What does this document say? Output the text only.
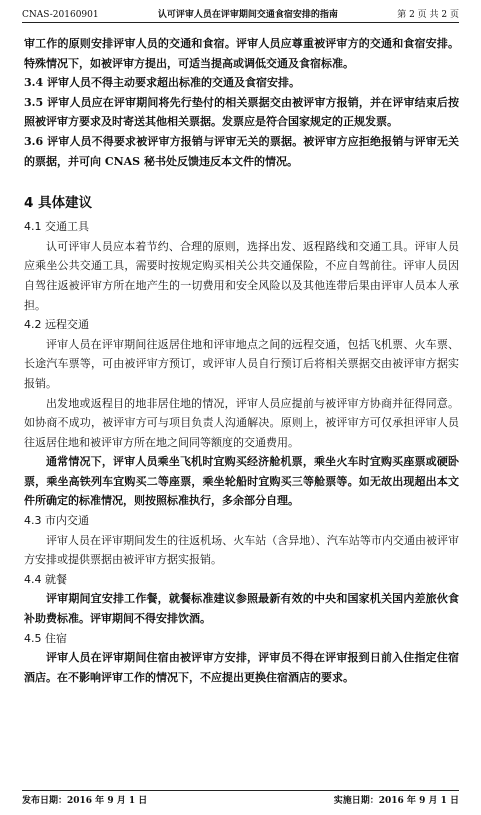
CNAS-20160901	认可评审人员在评审期间交通食宿安排的指南	第 2 页 共 2 页

审工作的原则安排评审人员的交通和食宿。评审人员应尊重被评审方的交通和食宿安排。特殊情况下，如被评审方提出，可适当提高或调低交通及食宿标准。

3.4 评审人员不得主动要求超出标准的交通及食宿安排。

3.5 评审人员应在评审期间将先行垫付的相关票据交由被评审方报销，并在评审结束后按照被评审方要求及时寄送其他相关票据。发票应是符合国家规定的正规发票。

3.6 评审人员不得要求被评审方报销与评审无关的票据。被评审方应拒绝报销与评审无关的票据，并可向 CNAS 秘书处反馈违反本文件的情况。

4 具体建议

4.1 交通工具

认可评审人员应本着节约、合理的原则，选择出发、返程路线和交通工具。评审人员应乘坐公共交通工具，需要时按规定购买相关公共交通保险，不应自驾前往。评审人员因自驾往返被评审方所在地产生的一切费用和安全风险以及其他连带后果由评审人员本人承担。

4.2 远程交通

评审人员在评审期间往返居住地和评审地点之间的远程交通，包括飞机票、火车票、长途汽车票等，可由被评审方预订，或评审人员自行预订后将相关票据交由被评审方据实报销。

出发地或返程目的地非居住地的情况，评审人员应提前与被评审方协商并征得同意。如协商不成功，被评审方可与项目负责人沟通解决。原则上，被评审方可仅承担评审人员往返居住地和被评审方所在地之间同等额度的交通费用。

通常情况下，评审人员乘坐飞机时宜购买经济舱机票，乘坐火车时宜购买座票或硬卧票，乘坐高铁列车宜购买二等座票，乘坐轮船时宜购买三等舱票等。如无故出现超出本文件所确定的标准情况，则按照标准执行，多余部分自理。

4.3 市内交通

评审人员在评审期间发生的往返机场、火车站（含异地）、汽车站等市内交通由被评审方安排或提供票据由被评审方据实报销。

4.4 就餐

评审期间宜安排工作餐，就餐标准建议参照最新有效的中央和国家机关国内差旅伙食补助费标准。评审期间不得安排饮酒。

4.5 住宿

评审人员在评审期间住宿由被评审方安排，评审员不得在评审报到日前入住指定住宿酒店。在不影响评审工作的情况下，不应提出更换住宿酒店的要求。

发布日期：2016 年 9 月 1 日	实施日期：2016 年 9 月 1 日
